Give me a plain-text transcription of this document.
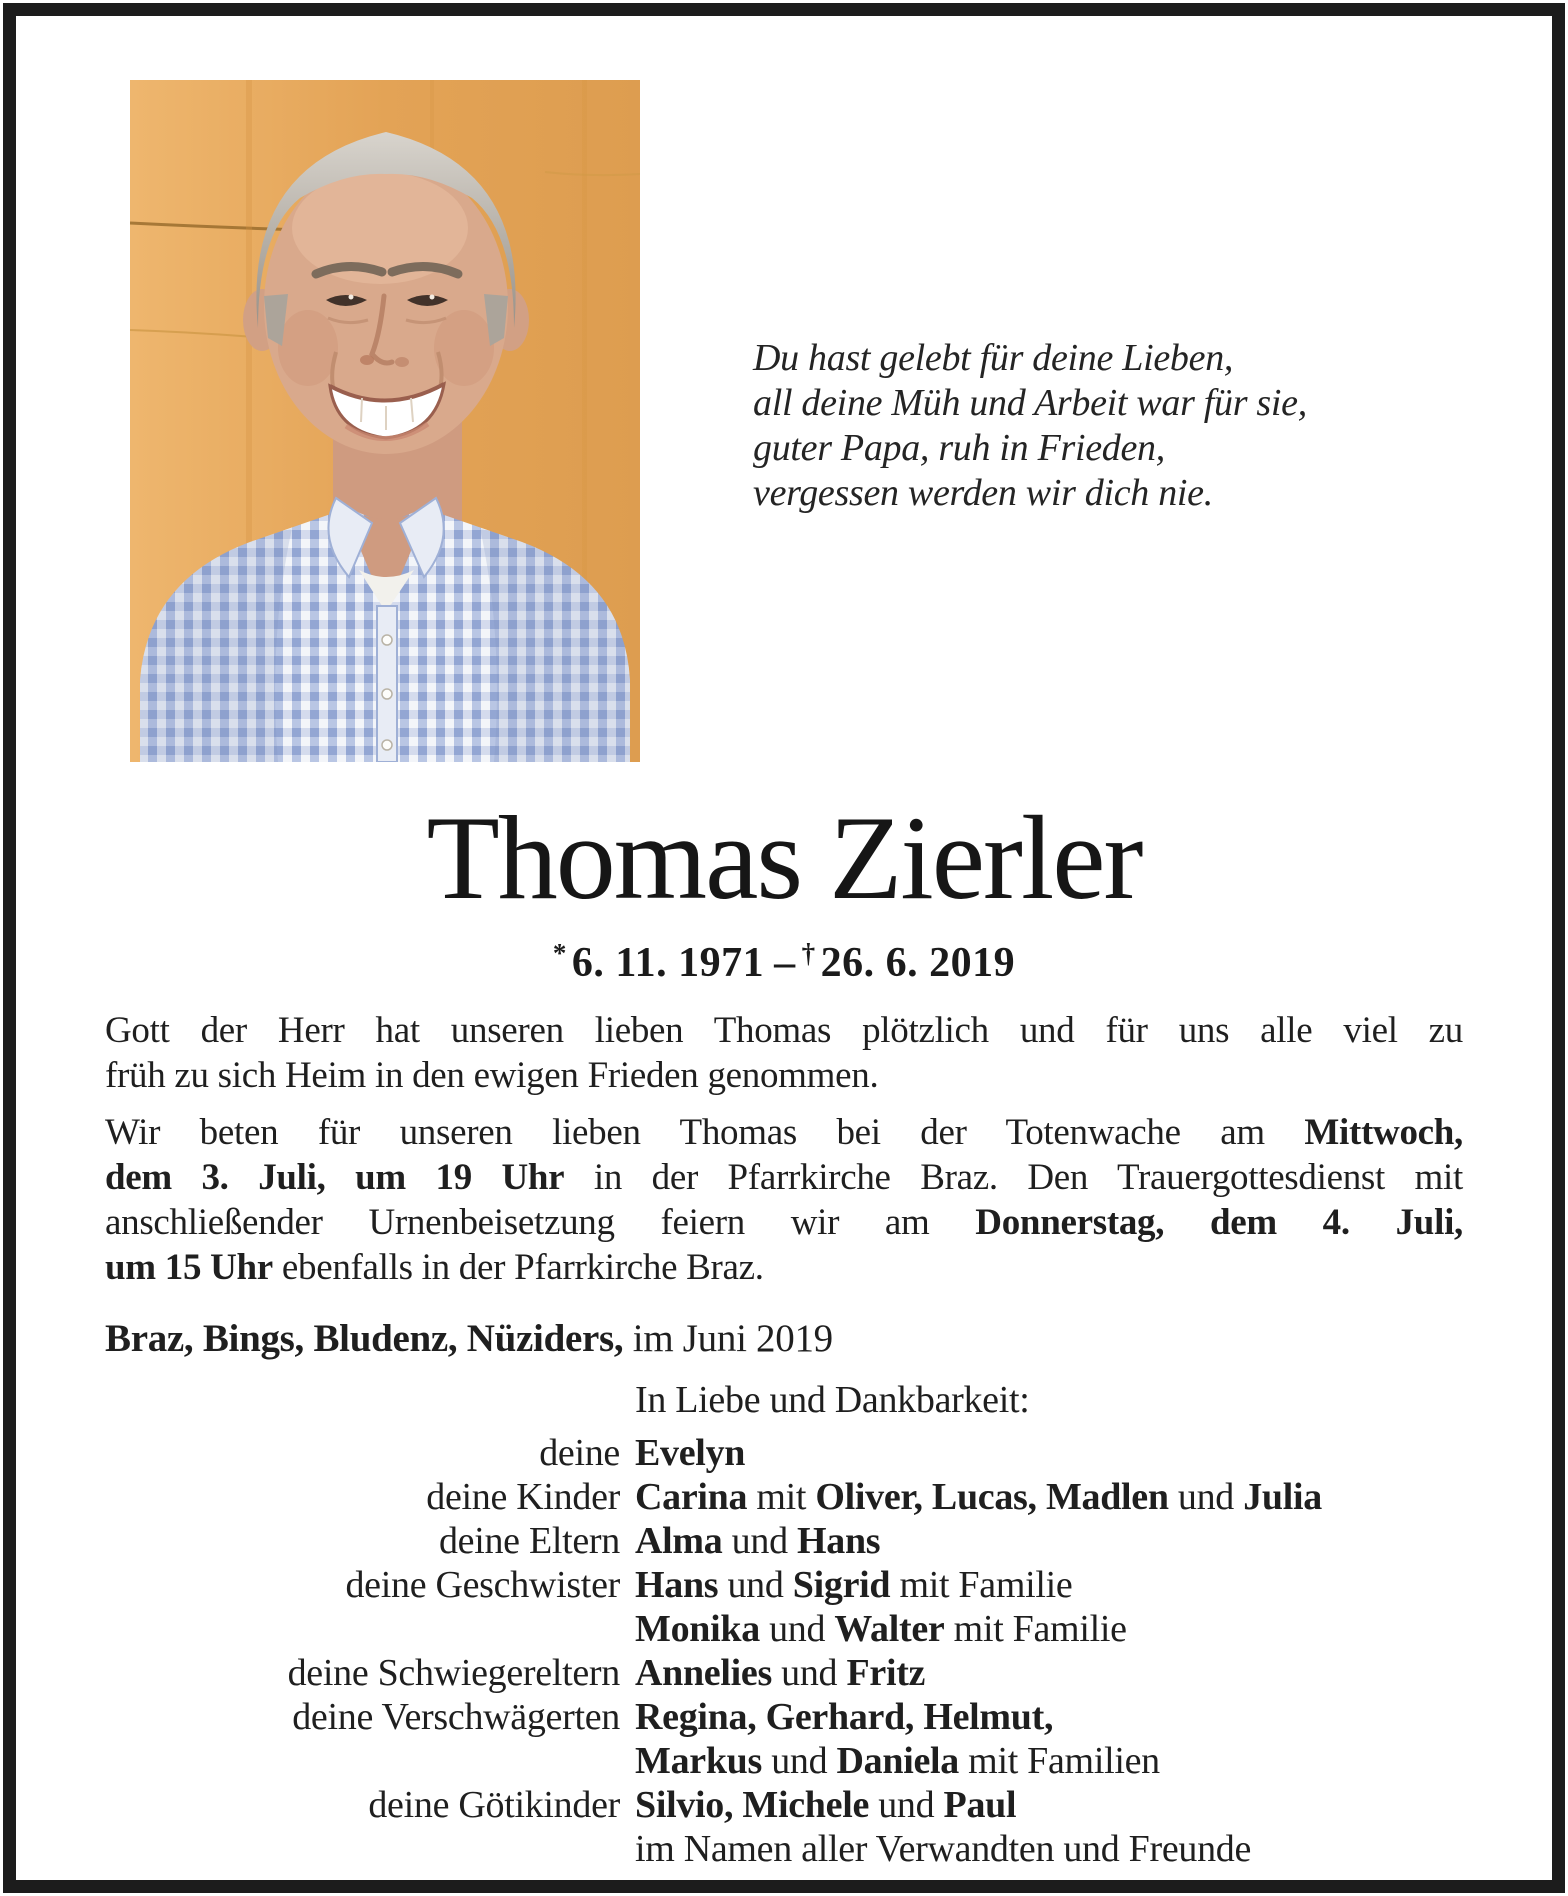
Du hast gelebt für deine Lieben,
all deine Müh und Arbeit war für sie,
guter Papa, ruh in Frieden,
vergessen werden wir dich nie.
Thomas Zierler
* 6. 11. 1971 – † 26. 6. 2019
Gott der Herr hat unseren lieben Thomas plötzlich und für uns alle viel zu
früh zu sich Heim in den ewigen Frieden genommen.
Wir beten für unseren lieben Thomas bei der Totenwache am Mittwoch,
dem 3. Juli, um 19 Uhr in der Pfarrkirche Braz. Den Trauergottesdienst mit
anschließender Urnenbeisetzung feiern wir am Donnerstag, dem 4. Juli,
um 15 Uhr ebenfalls in der Pfarrkirche Braz.
Braz, Bings, Bludenz, Nüziders, im Juni 2019
In Liebe und Dankbarkeit:
deine Evelyn
deine Kinder Carina mit Oliver, Lucas, Madlen und Julia
deine Eltern Alma und Hans
deine Geschwister Hans und Sigrid mit Familie
Monika und Walter mit Familie
deine Schwiegereltern Annelies und Fritz
deine Verschwägerten Regina, Gerhard, Helmut,
Markus und Daniela mit Familien
deine Götikinder Silvio, Michele und Paul
im Namen aller Verwandten und Freunde
